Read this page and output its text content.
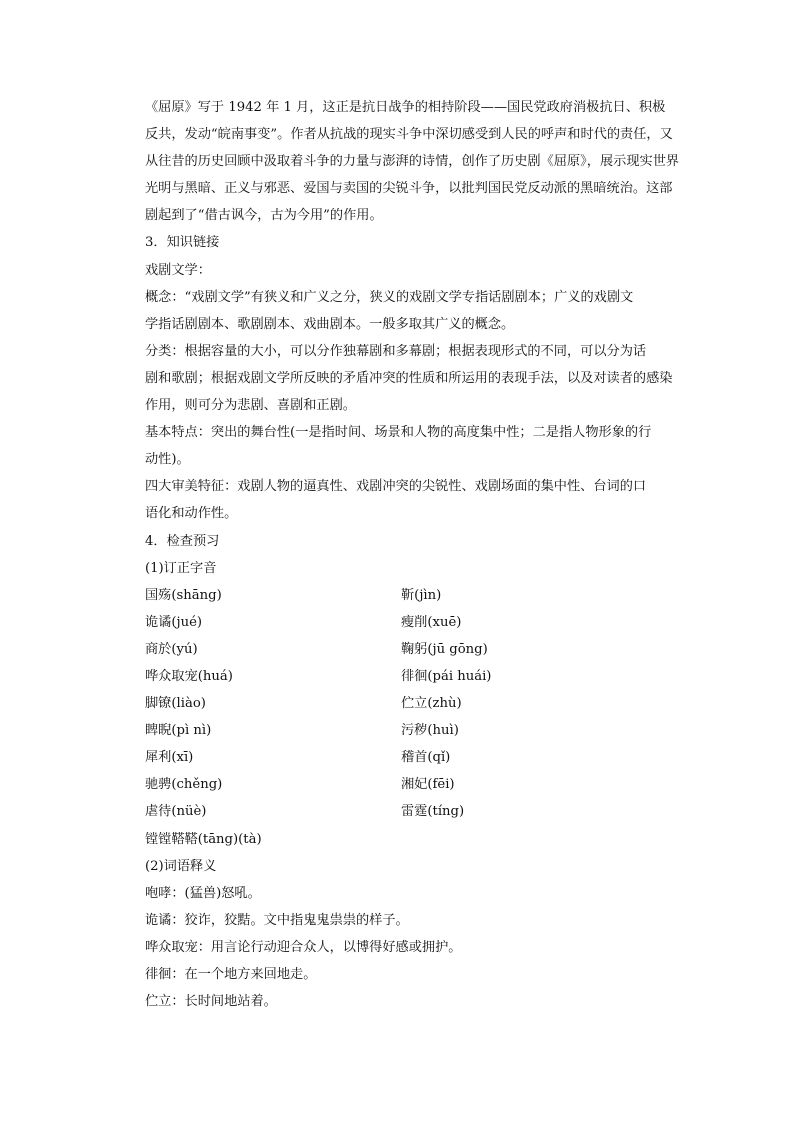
《屈原》写于 1942 年 1 月，这正是抗日战争的相持阶段——国民党政府消极抗日、积极

反共，发动“皖南事变”。作者从抗战的现实斗争中深切感受到人民的呼声和时代的责任，又

从往昔的历史回顾中汲取着斗争的力量与澎湃的诗情，创作了历史剧《屈原》，展示现实世界

光明与黑暗、正义与邪恶、爱国与卖国的尖锐斗争，以批判国民党反动派的黑暗统治。这部

剧起到了“借古讽今，古为今用”的作用。

3．知识链接

戏剧文学：

概念：“戏剧文学”有狭义和广义之分，狭义的戏剧文学专指话剧剧本；广义的戏剧文

学指话剧剧本、歌剧剧本、戏曲剧本。一般多取其广义的概念。

分类：根据容量的大小，可以分作独幕剧和多幕剧；根据表现形式的不同，可以分为话

剧和歌剧；根据戏剧文学所反映的矛盾冲突的性质和所运用的表现手法，以及对读者的感染

作用，则可分为悲剧、喜剧和正剧。

基本特点：突出的舞台性(一是指时间、场景和人物的高度集中性；二是指人物形象的行

动性)。

四大审美特征：戏剧人物的逼真性、戏剧冲突的尖锐性、戏剧场面的集中性、台词的口

语化和动作性。

4．检查预习

(1)订正字音

国殇(shāng)	靳(jìn)
诡谲(jué)	瘦削(xuē)
商於(yú)	鞠躬(jū gōng)
哗众取宠(huá)	徘徊(pái huái)
脚镣(liào)	伫立(zhù)
睥睨(pì nì)	污秽(huì)
犀利(xī)	稽首(qǐ)
驰骋(chěng)	湘妃(fēi)
虐待(nüè)	雷霆(tíng)

镗镗鞳鞳(tāng)(tà)

(2)词语释义

咆哮：(猛兽)怒吼。

诡谲：狡诈，狡黠。文中指鬼鬼祟祟的样子。

哗众取宠：用言论行动迎合众人，以博得好感或拥护。

徘徊：在一个地方来回地走。

伫立：长时间地站着。
